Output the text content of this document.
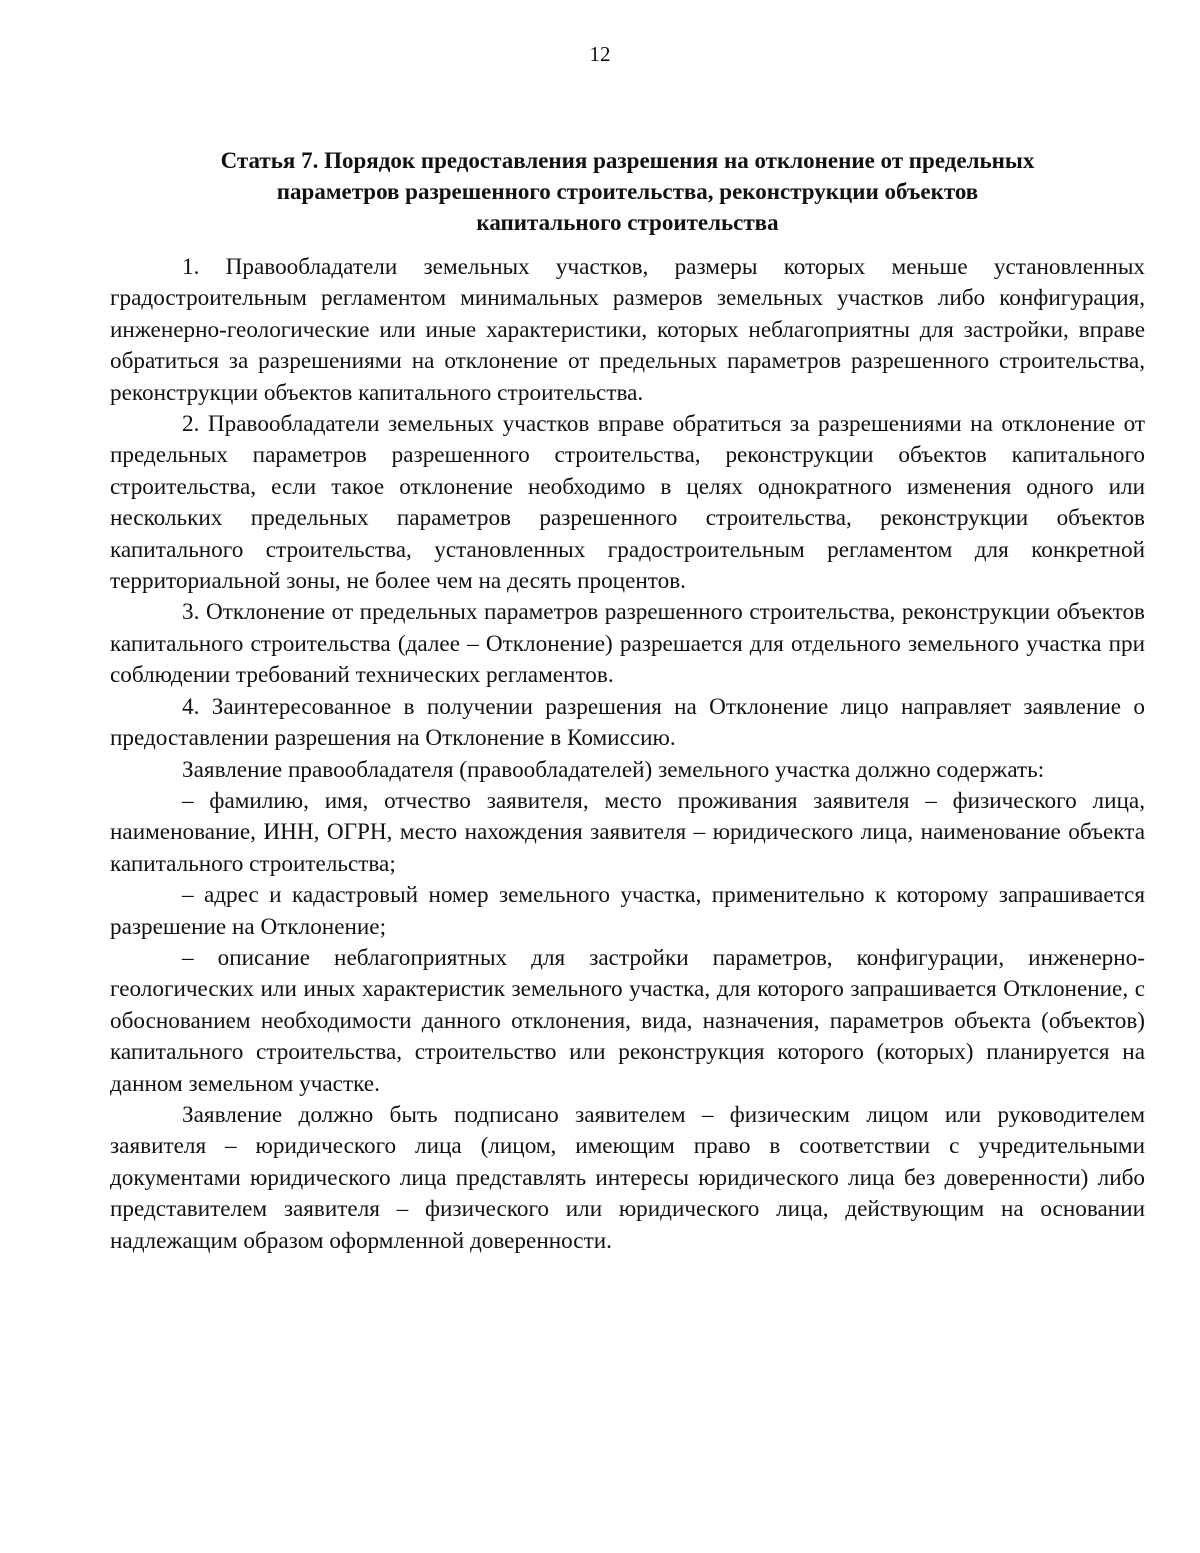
12
Статья 7. Порядок предоставления разрешения на отклонение от предельных
параметров разрешенного строительства, реконструкции объектов
капитального строительства

1. Правообладатели земельных участков, размеры которых меньше установленных градостроительным регламентом минимальных размеров земельных участков либо конфигурация, инженерно-геологические или иные характеристики, которых неблагоприятны для застройки, вправе обратиться за разрешениями на отклонение от предельных параметров разрешенного строительства, реконструкции объектов капитального строительства.

2. Правообладатели земельных участков вправе обратиться за разрешениями на отклонение от предельных параметров разрешенного строительства, реконструкции объектов капитального строительства, если такое отклонение необходимо в целях однократного изменения одного или нескольких предельных параметров разрешенного строительства, реконструкции объектов капитального строительства, установленных градостроительным регламентом для конкретной территориальной зоны, не более чем на десять процентов.

3. Отклонение от предельных параметров разрешенного строительства, реконструкции объектов капитального строительства (далее – Отклонение) разрешается для отдельного земельного участка при соблюдении требований технических регламентов.

4. Заинтересованное в получении разрешения на Отклонение лицо направляет заявление о предоставлении разрешения на Отклонение в Комиссию.

Заявление правообладателя (правообладателей) земельного участка должно содержать:

– фамилию, имя, отчество заявителя, место проживания заявителя – физического лица, наименование, ИНН, ОГРН, место нахождения заявителя – юридического лица, наименование объекта капитального строительства;

– адрес и кадастровый номер земельного участка, применительно к которому запрашивается разрешение на Отклонение;

– описание неблагоприятных для застройки параметров, конфигурации, инженерно-геологических или иных характеристик земельного участка, для которого запрашивается Отклонение, с обоснованием необходимости данного отклонения, вида, назначения, параметров объекта (объектов) капитального строительства, строительство или реконструкция которого (которых) планируется на данном земельном участке.

Заявление должно быть подписано заявителем – физическим лицом или руководителем заявителя – юридического лица (лицом, имеющим право в соответствии с учредительными документами юридического лица представлять интересы юридического лица без доверенности) либо представителем заявителя – физического или юридического лица, действующим на основании надлежащим образом оформленной доверенности.
